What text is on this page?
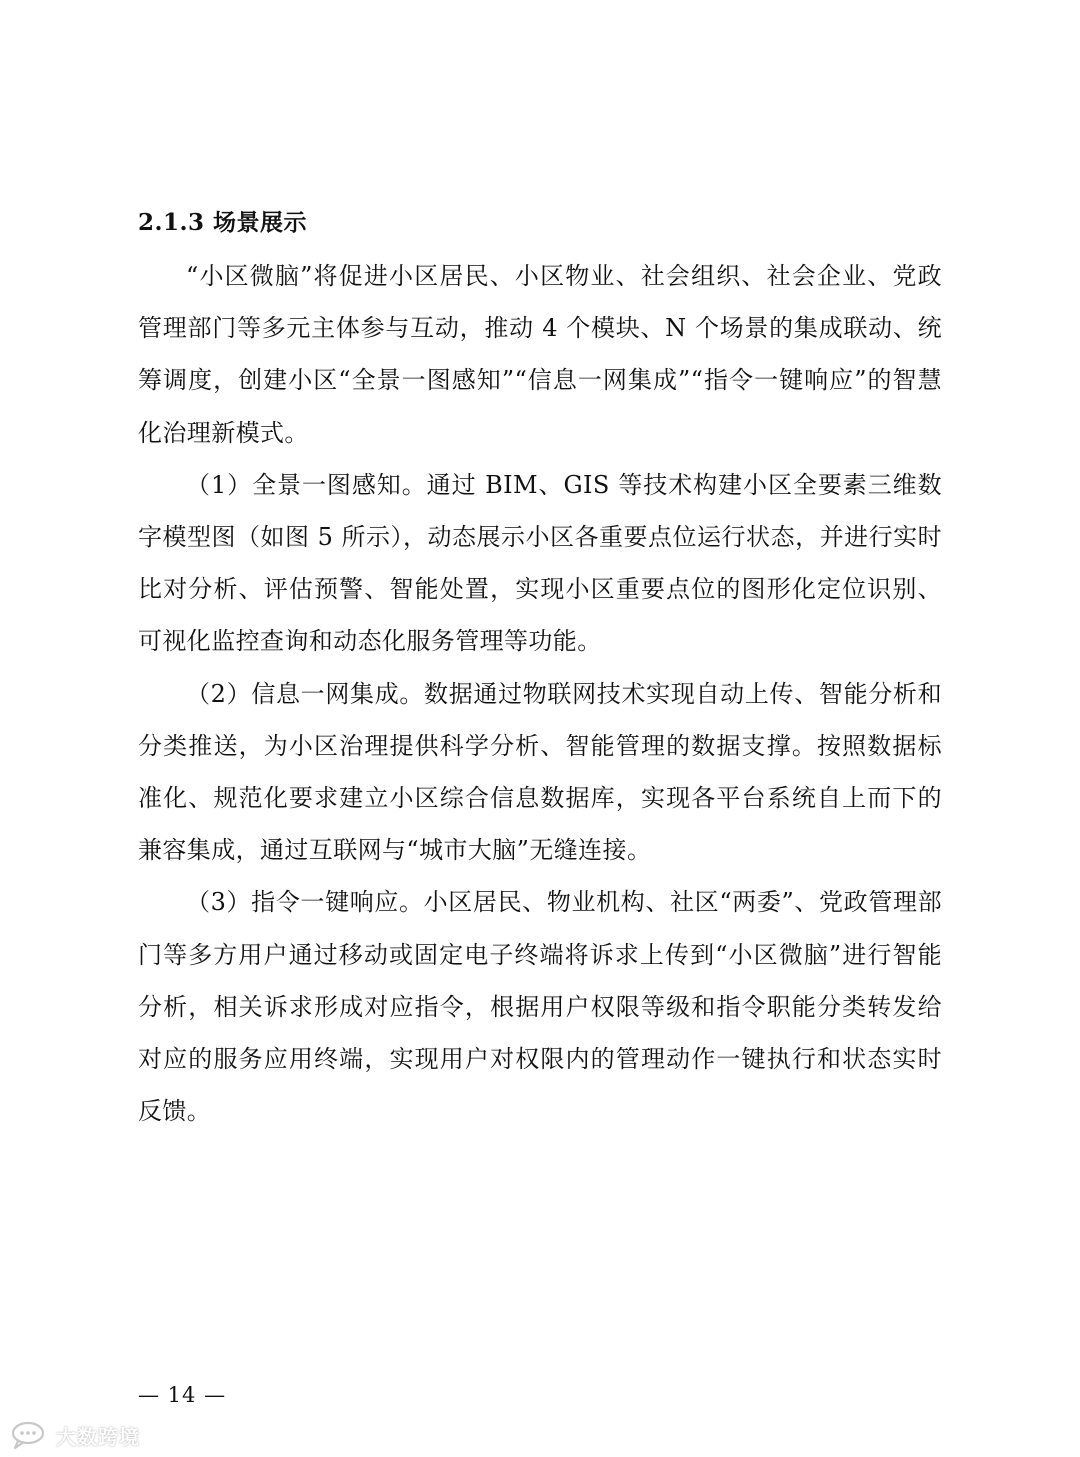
2.1.3 场景展示

“小区微脑”将促进小区居民、小区物业、社会组织、社会企业、党政管理部门等多元主体参与互动，推动 4 个模块、N 个场景的集成联动、统筹调度，创建小区“全景一图感知”“信息一网集成”“指令一键响应”的智慧化治理新模式。

（1）全景一图感知。通过 BIM、GIS 等技术构建小区全要素三维数字模型图（如图 5 所示），动态展示小区各重要点位运行状态，并进行实时比对分析、评估预警、智能处置，实现小区重要点位的图形化定位识别、可视化监控查询和动态化服务管理等功能。

（2）信息一网集成。数据通过物联网技术实现自动上传、智能分析和分类推送，为小区治理提供科学分析、智能管理的数据支撑。按照数据标准化、规范化要求建立小区综合信息数据库，实现各平台系统自上而下的兼容集成，通过互联网与“城市大脑”无缝连接。

（3）指令一键响应。小区居民、物业机构、社区“两委”、党政管理部门等多方用户通过移动或固定电子终端将诉求上传到“小区微脑”进行智能分析，相关诉求形成对应指令，根据用户权限等级和指令职能分类转发给对应的服务应用终端，实现用户对权限内的管理动作一键执行和状态实时反馈。

— 14 —
大数跨境
